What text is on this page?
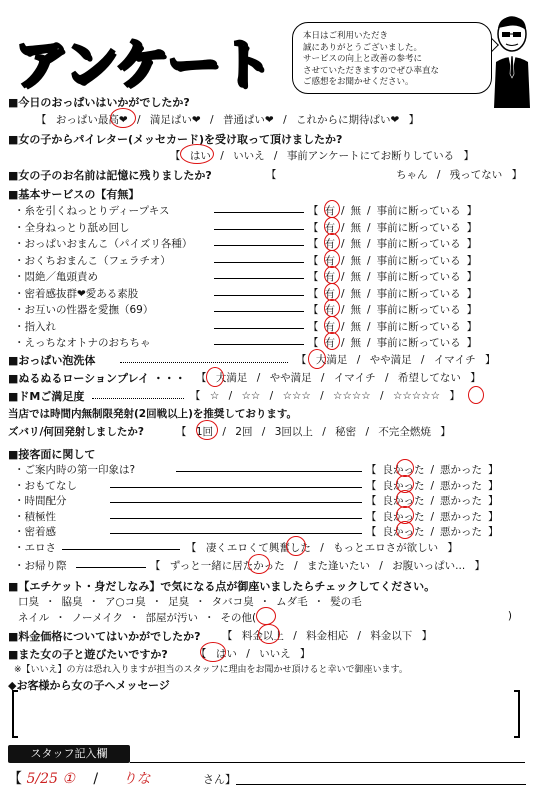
アンケート	本日はご利用いただき
誠にありがとうございました。
サービスの向上と改善の参考に
させていただきますのでぜひ率直な
ご感想をお聞かせください。
■今日のおっぱいはいかがでしたか?
【 おっぱい最高❤ / 満足ぱい❤ / 普通ぱい❤ / これからに期待ぱい❤ 】
■女の子からパイレター(メッセカード)を受け取って頂けましたか?
【 はい / いいえ / 事前アンケートにてお断りしている 】
■女の子のお名前は記憶に残りましたか?	【	ちゃん / 残ってない 】
■基本サービスの【有無】
・糸を引くねっとりディープキス	【 有 / 無 / 事前に断っている 】
・全身ねっとり舐め回し	【 有 / 無 / 事前に断っている 】
・おっぱいおまんこ（パイズリ各種）	【 有 / 無 / 事前に断っている 】
・おくちおまんこ（フェラチオ）	【 有 / 無 / 事前に断っている 】
・悶絶／亀頭責め	【 有 / 無 / 事前に断っている 】
・密着感抜群❤愛ある素股	【 有 / 無 / 事前に断っている 】
・お互いの性器を愛撫（69）	【 有 / 無 / 事前に断っている 】
・指入れ	【 有 / 無 / 事前に断っている 】
・えっちなオトナのおちちゃ	【 有 / 無 / 事前に断っている 】
■おっぱい泡洗体	【 大満足 / やや満足 / イマイチ 】
■ぬるぬるローションプレイ ・・・ 【 大満足 / やや満足 / イマイチ / 希望してない 】
■ドMご満足度	【 ☆ / ☆☆ / ☆☆☆ / ☆☆☆☆ / ☆☆☆☆☆ 】
当店では時間内無制限発射(2回戦以上)を推奨しております。
ズバリ/何回発射しましたか?	【 1回 / 2回 / 3回以上 / 秘密 / 不完全燃焼 】
■接客面に関して
・ご案内時の第一印象は?	【 良かった / 悪かった 】
・おもてなし	【 良かった / 悪かった 】
・時間配分	【 良かった / 悪かった 】
・積極性	【 良かった / 悪かった 】
・密着感	【 良かった / 悪かった 】
・エロさ	【 凄くエロくて興奮した / もっとエロさが欲しい 】
・お帰り際	【 ずっと一緒に居たかった / また逢いたい / お腹いっぱい... 】
■【エチケット・身だしなみ】で気になる点が御座いましたらチェックしてください。
口臭 ・ 脇臭 ・ ア○コ臭 ・ 足臭 ・ タバコ臭 ・ ムダ毛 ・ 髪の毛
ネイル ・ ノーメイク ・ 部屋が汚い ・ その他(	)
■料金価格についてはいかがでしたか? 【 料金以上 / 料金相応 / 料金以下 】
■また女の子と遊びたいですか?	【 はい / いいえ 】
※【いいえ】の方は恐れ入りますが担当のスタッフに理由をお聞かせ頂けると幸いで御座います。
◆お客様から女の子へメッセージ
スタッフ記入欄
【 5/25 ① / りな	さん】
